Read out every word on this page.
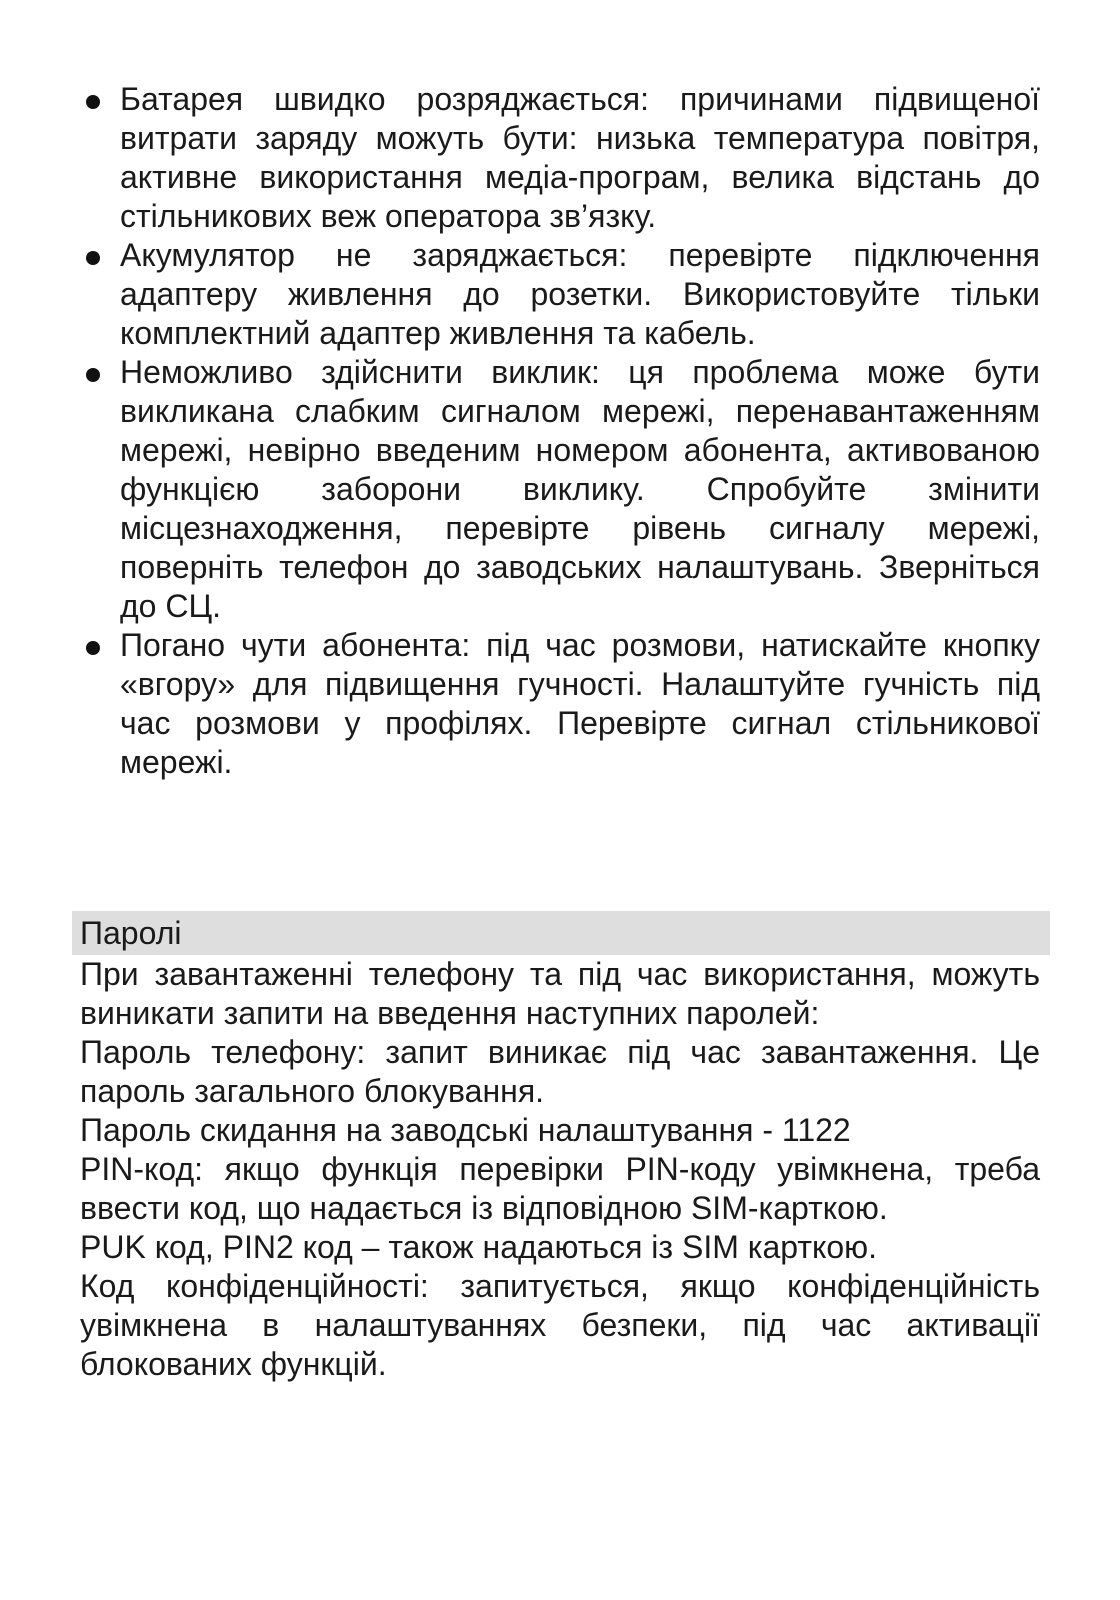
Батарея швидко розряджається: причинами підвищеної витрати заряду можуть бути: низька температура повітря, активне використання медіа-програм, велика відстань до стільникових веж оператора зв’язку.
Акумулятор не заряджається: перевірте підключення адаптеру живлення до розетки. Використовуйте тільки комплектний адаптер живлення та кабель.
Неможливо здійснити виклик: ця проблема може бути викликана слабким сигналом мережі, перенавантаженням мережі, невірно введеним номером абонента, активованою функцією заборони виклику. Спробуйте змінити місцезнаходження, перевірте рівень сигналу мережі, поверніть телефон до заводських налаштувань. Зверніться до СЦ.
Погано чути абонента: під час розмови, натискайте кнопку «вгору» для підвищення гучності. Налаштуйте гучність під час розмови у профілях. Перевірте сигнал стільникової мережі.
Паролі

При завантаженні телефону та під час використання, можуть виникати запити на введення наступних паролей:

Пароль телефону: запит виникає під час завантаження. Це пароль загального блокування.

Пароль скидання на заводські налаштування - 1122

PIN-код: якщо функція перевірки PIN-коду увімкнена, треба ввести код, що надається із відповідною SIM-карткою.

PUK код, PIN2 код – також надаються із SIM карткою.

Код конфіденційності: запитується, якщо конфіденційність увімкнена в налаштуваннях безпеки, під час активації блокованих функцій.
